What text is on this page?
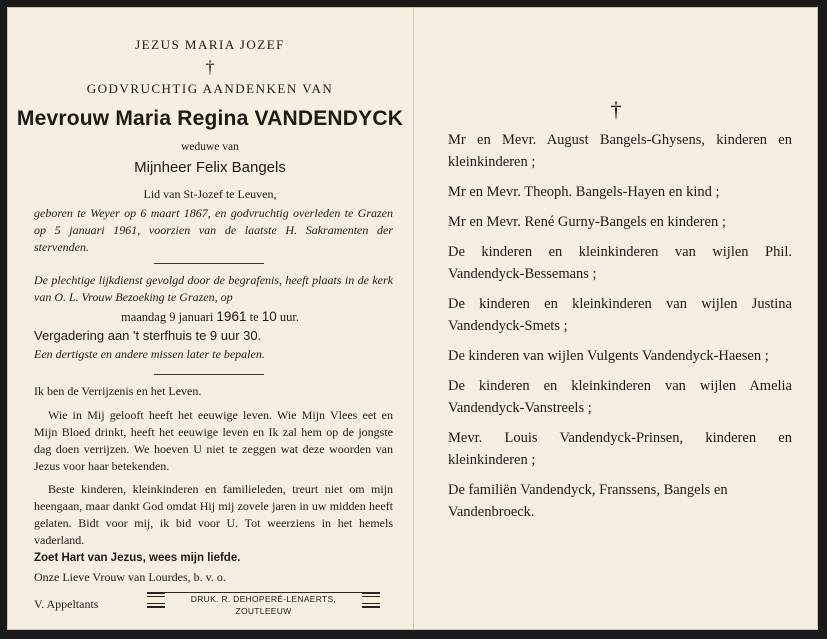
JEZUS MARIA JOZEF
†
GODVRUCHTIG AANDENKEN VAN
Mevrouw Maria Regina VANDENDYCK
weduwe van
Mijnheer Felix Bangels
Lid van St-Jozef te Leuven,
geboren te Weyer op 6 maart 1867, en godvruchtig overleden te Grazen op 5 januari 1961, voorzien van de laatste H. Sakramenten der stervenden.
De plechtige lijkdienst gevolgd door de begrafenis, heeft plaats in de kerk van O. L. Vrouw Bezoeking te Grazen, op
maandag 9 januari 1961 te 10 uur.
Vergadering aan 't sterfhuis te 9 uur 30.
Een dertigste en andere missen later te bepalen.
Ik ben de Verrijzenis en het Leven.
Wie in Mij gelooft heeft het eeuwige leven. Wie Mijn Vlees eet en Mijn Bloed drinkt, heeft het eeuwige leven en Ik zal hem op de jongste dag doen verrijzen. We hoeven U niet te zeggen wat deze woorden van Jezus voor haar betekenden.
Beste kinderen, kleinkinderen en familieleden, treurt niet om mijn heengaan, maar dankt God omdat Hij mij zovele jaren in uw midden heeft gelaten. Bidt voor mij, ik bid voor U. Tot weerziens in het hemels vaderland.
Zoet Hart van Jezus, wees mijn liefde.
Onze Lieve Vrouw van Lourdes, b. v. o.
V. Appeltants	DRUK. R. DEHOPERÉ-LENAERTS, ZOUTLEEUW
†
Mr en Mevr. August Bangels-Ghysens, kinderen en kleinkinderen ;
Mr en Mevr. Theoph. Bangels-Hayen en kind ;
Mr en Mevr. René Gurny-Bangels en kinderen ;
De kinderen en kleinkinderen van wijlen Phil. Vandendyck-Bessemans ;
De kinderen en kleinkinderen van wijlen Justina Vandendyck-Smets ;
De kinderen van wijlen Vulgents Vandendyck-Haesen ;
De kinderen en kleinkinderen van wijlen Amelia Vandendyck-Vanstreels ;
Mevr. Louis Vandendyck-Prinsen, kinderen en kleinkinderen ;
De familiën Vandendyck, Franssens, Bangels en Vandenbroeck.
